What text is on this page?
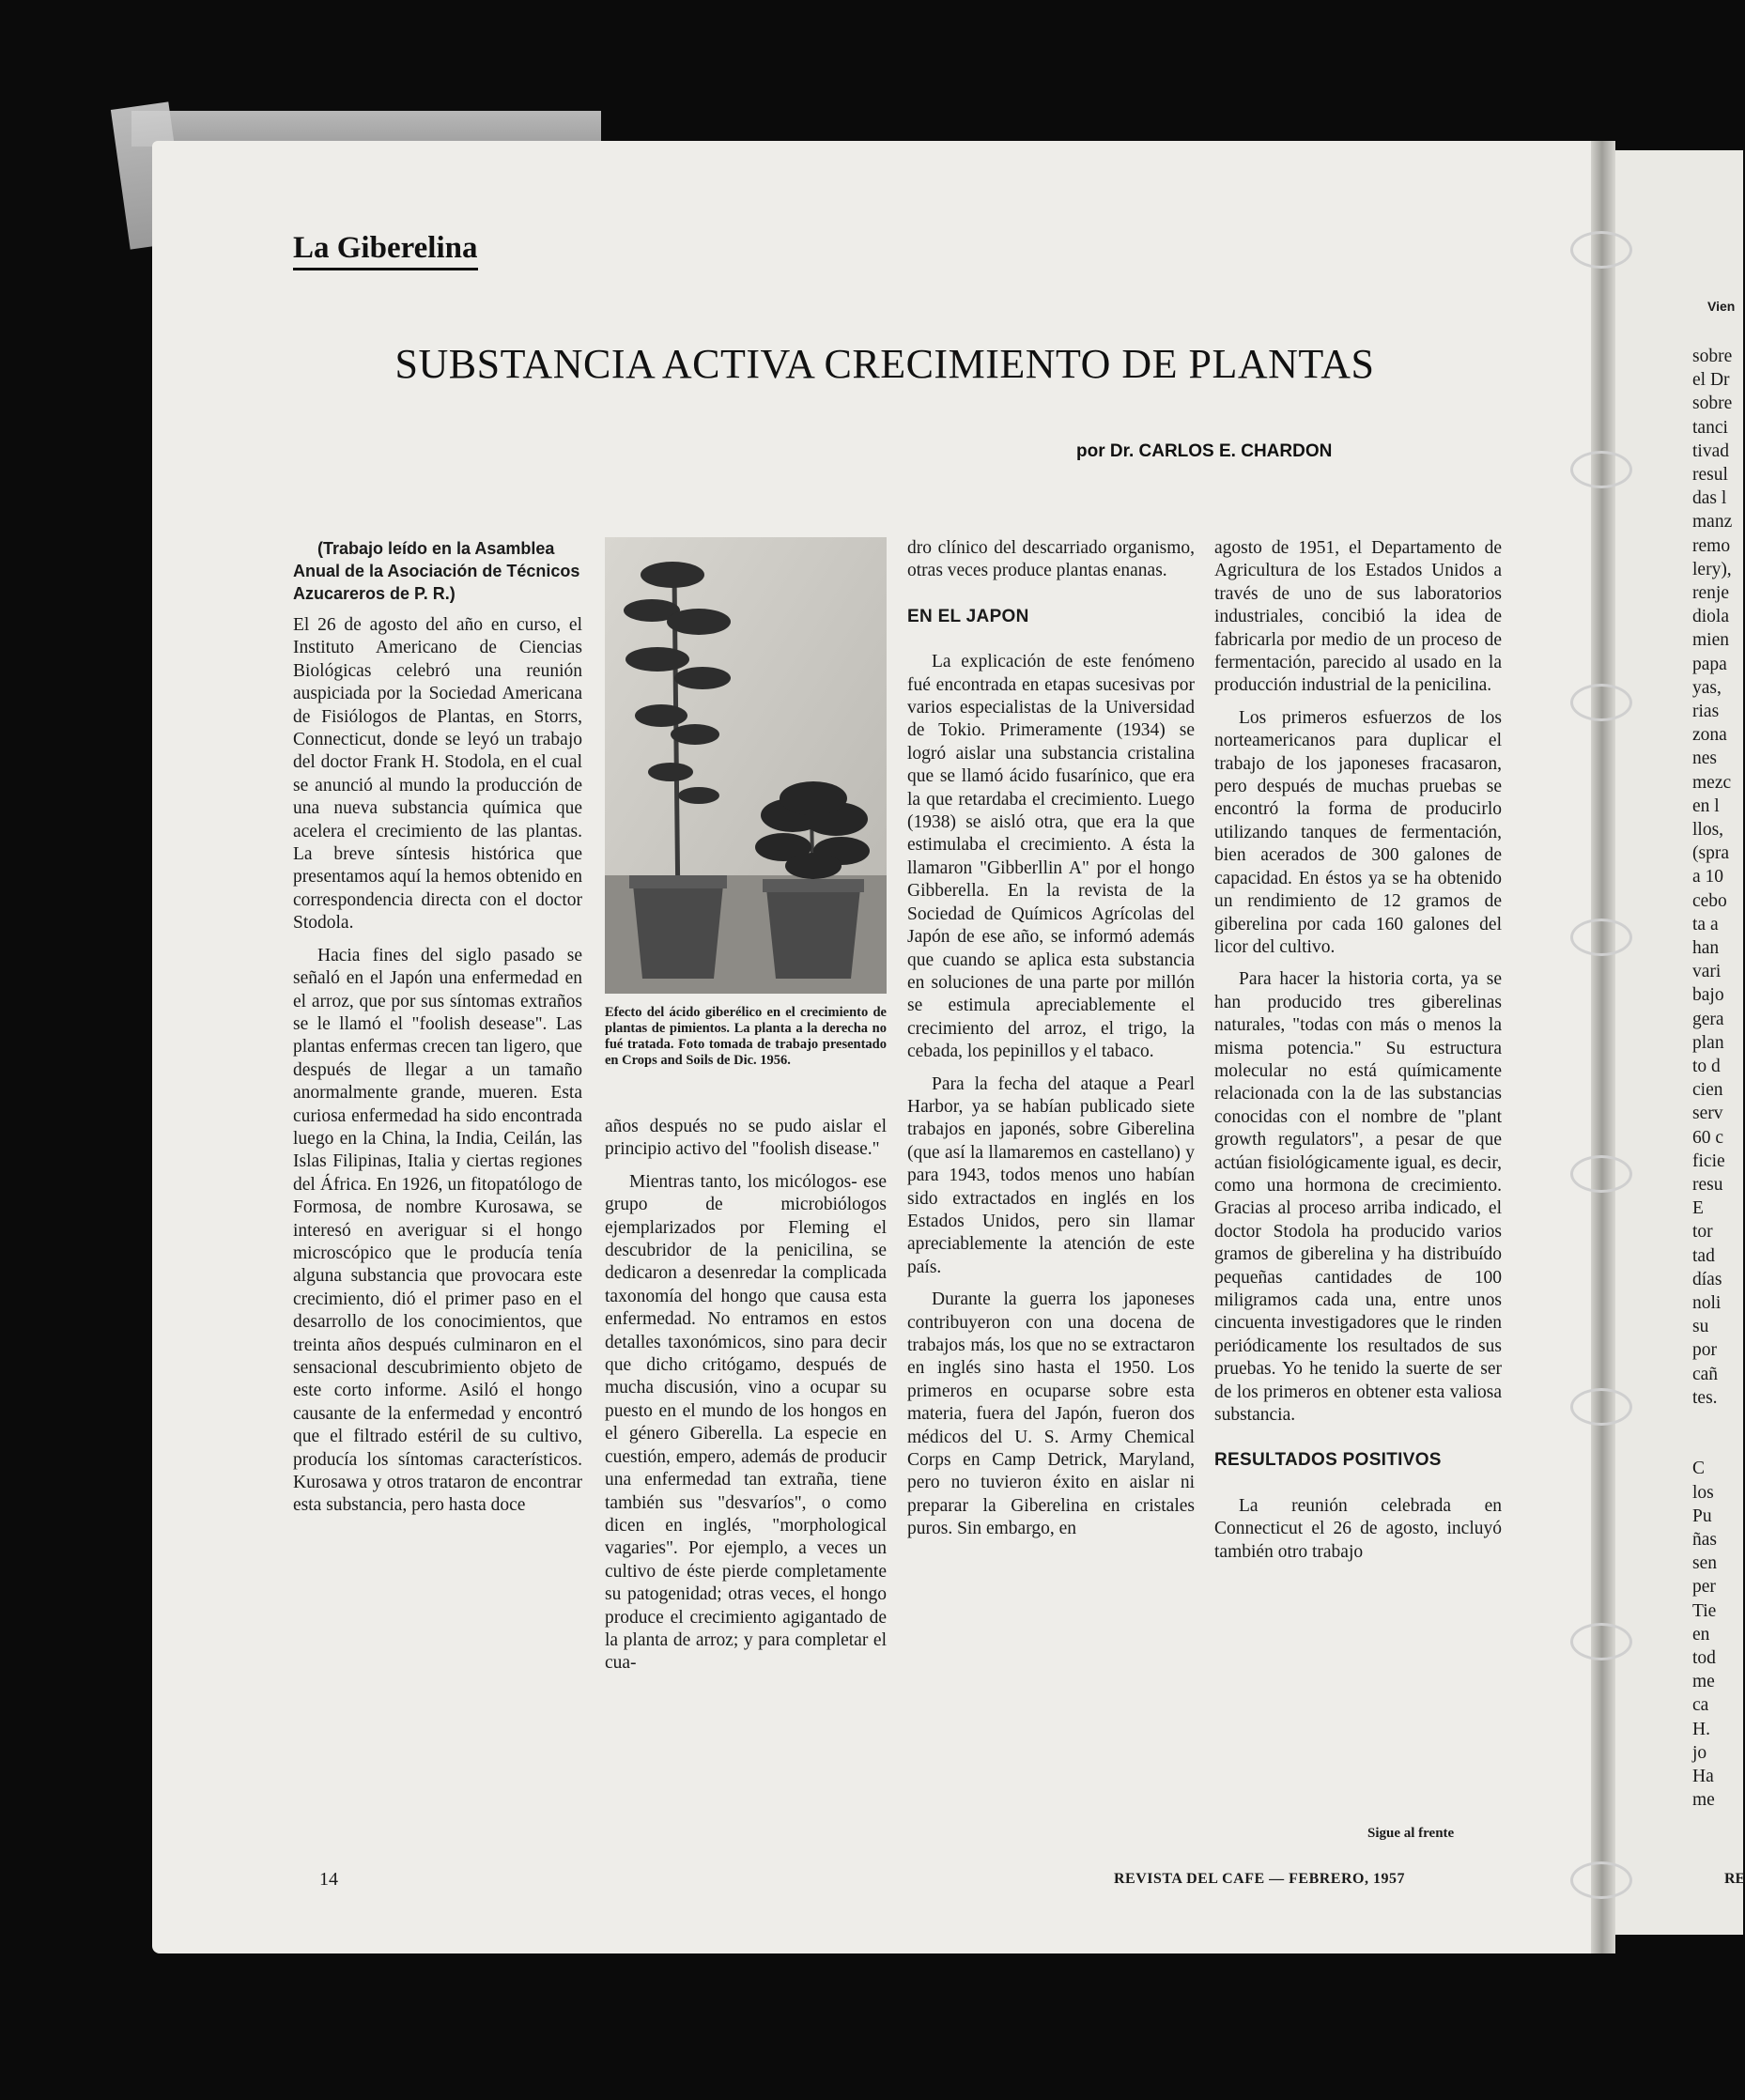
La Giberelina
SUBSTANCIA ACTIVA CRECIMIENTO DE PLANTAS
por Dr. CARLOS E. CHARDON

(Trabajo leído en la Asamblea Anual de la Asociación de Técnicos Azucareros de P. R.)

El 26 de agosto del año en curso, el Instituto Americano de Ciencias Biológicas celebró una reunión auspiciada por la Sociedad Americana de Fisiólogos de Plantas, en Storrs, Connecticut, donde se leyó un trabajo del doctor Frank H. Stodola, en el cual se anunció al mundo la producción de una nueva substancia química que acelera el crecimiento de las plantas. La breve síntesis histórica que presentamos aquí la hemos obtenido en correspondencia directa con el doctor Stodola.

Hacia fines del siglo pasado se señaló en el Japón una enfermedad en el arroz, que por sus síntomas extraños se le llamó el "foolish desease". Las plantas enfermas crecen tan ligero, que después de llegar a un tamaño anormalmente grande, mueren. Esta curiosa enfermedad ha sido encontrada luego en la China, la India, Ceilán, las Islas Filipinas, Italia y ciertas regiones del África. En 1926, un fitopatólogo de Formosa, de nombre Kurosawa, se interesó en averiguar si el hongo microscópico que le producía tenía alguna substancia que provocara este crecimiento, dió el primer paso en el desarrollo de los conocimientos, que treinta años después culminaron en el sensacional descubrimiento objeto de este corto informe. Asiló el hongo causante de la enfermedad y encontró que el filtrado estéril de su cultivo, producía los síntomas característicos. Kurosawa y otros trataron de encontrar esta substancia, pero hasta doce

Efecto del ácido giberélico en el crecimiento de plantas de pimientos. La planta a la derecha no fué tratada. Foto tomada de trabajo presentado en Crops and Soils de Dic. 1956.

años después no se pudo aislar el principio activo del "foolish disease."

Mientras tanto, los micólogos- ese grupo de microbiólogos ejemplarizados por Fleming el descubridor de la penicilina, se dedicaron a desenredar la complicada taxonomía del hongo que causa esta enfermedad. No entramos en estos detalles taxonómicos, sino para decir que dicho critógamo, después de mucha discusión, vino a ocupar su puesto en el mundo de los hongos en el género Giberella. La especie en cuestión, empero, además de producir una enfermedad tan extraña, tiene también sus "desvaríos", o como dicen en inglés, "morphological vagaries". Por ejemplo, a veces un cultivo de éste pierde completamente su patogenidad; otras veces, el hongo produce el crecimiento agigantado de la planta de arroz; y para completar el cua-

dro clínico del descarriado organismo, otras veces produce plantas enanas.

EN EL JAPON

La explicación de este fenómeno fué encontrada en etapas sucesivas por varios especialistas de la Universidad de Tokio. Primeramente (1934) se logró aislar una substancia cristalina que se llamó ácido fusarínico, que era la que retardaba el crecimiento. Luego (1938) se aisló otra, que era la que estimulaba el crecimiento. A ésta la llamaron "Gibberllin A" por el hongo Gibberella. En la revista de la Sociedad de Químicos Agrícolas del Japón de ese año, se informó además que cuando se aplica esta substancia en soluciones de una parte por millón se estimula apreciablemente el crecimiento del arroz, el trigo, la cebada, los pepinillos y el tabaco.

Para la fecha del ataque a Pearl Harbor, ya se habían publicado siete trabajos en japonés, sobre Giberelina (que así la llamaremos en castellano) y para 1943, todos menos uno habían sido extractados en inglés en los Estados Unidos, pero sin llamar apreciablemente la atención de este país.

Durante la guerra los japoneses contribuyeron con una docena de trabajos más, los que no se extractaron en inglés sino hasta el 1950. Los primeros en ocuparse sobre esta materia, fuera del Japón, fueron dos médicos del U. S. Army Chemical Corps en Camp Detrick, Maryland, pero no tuvieron éxito en aislar ni preparar la Giberelina en cristales puros. Sin embargo, en

agosto de 1951, el Departamento de Agricultura de los Estados Unidos a través de uno de sus laboratorios industriales, concibió la idea de fabricarla por medio de un proceso de fermentación, parecido al usado en la producción industrial de la penicilina.

Los primeros esfuerzos de los norteamericanos para duplicar el trabajo de los japoneses fracasaron, pero después de muchas pruebas se encontró la forma de producirlo utilizando tanques de fermentación, bien acerados de 300 galones de capacidad. En éstos ya se ha obtenido un rendimiento de 12 gramos de giberelina por cada 160 galones del licor del cultivo.

Para hacer la historia corta, ya se han producido tres giberelinas naturales, "todas con más o menos la misma potencia." Su estructura molecular no está químicamente relacionada con la de las substancias conocidas con el nombre de "plant growth regulators", a pesar de que actúan fisiológicamente igual, es decir, como una hormona de crecimiento. Gracias al proceso arriba indicado, el doctor Stodola ha producido varios gramos de giberelina y ha distribuído pequeñas cantidades de 100 miligramos cada una, entre unos cincuenta investigadores que le rinden periódicamente los resultados de sus pruebas. Yo he tenido la suerte de ser de los primeros en obtener esta valiosa substancia.

RESULTADOS POSITIVOS

La reunión celebrada en Connecticut el 26 de agosto, incluyó también otro trabajo

Sigue al frente
14	REVISTA DEL CAFE — FEBRERO, 1957
Vien
sobre
el Dr
sobre
tanci
tivad
resul
das l
manz
remo
lery),
renje
diola
mien
papa
yas,
rias
zona
nes
mezc
en l
llos,
(spra
a 10
cebo
ta a
han
vari
bajo
gera
plan
to d
cien
serv
60 c
ficie
resu
E
tor
tad
días
noli
su
por
cañ
tes.
C
los
Pu
ñas
sen
per
Tie
en
tod
me
ca
H.
jo
Ha
me
RE
